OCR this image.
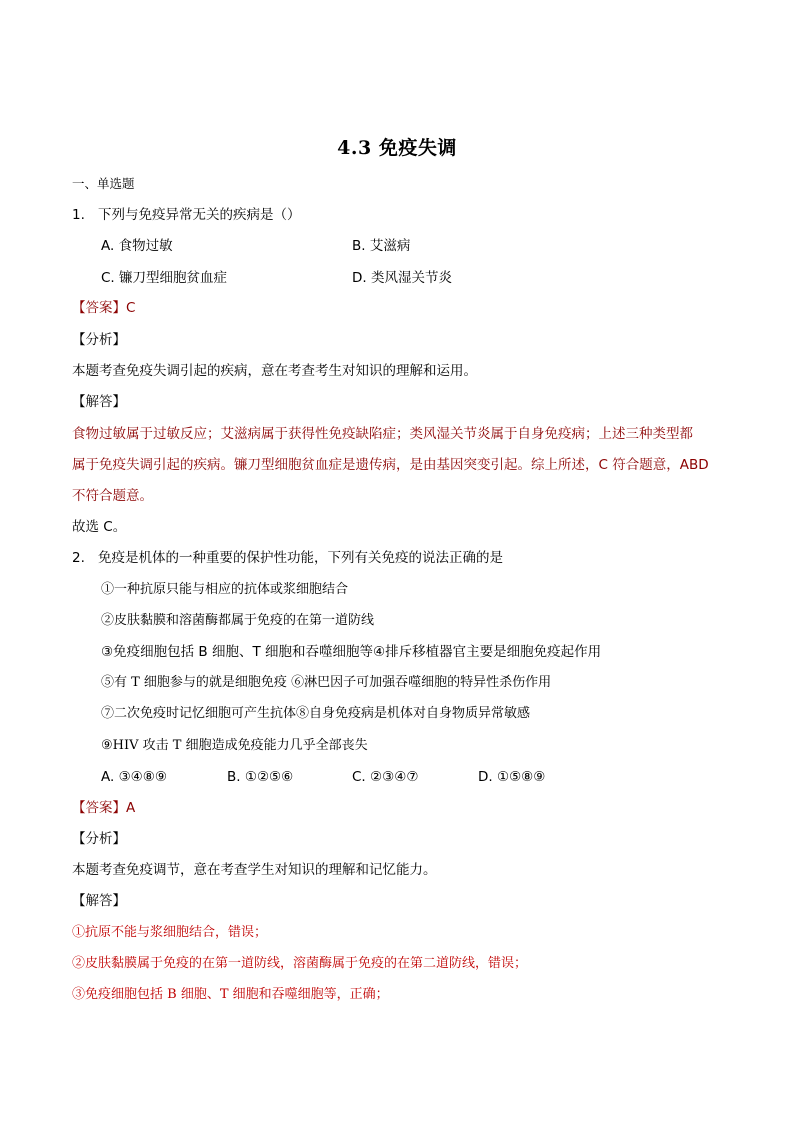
4.3 免疫失调
一、单选题
1. 下列与免疫异常无关的疾病是（）
A. 食物过敏	B. 艾滋病
C. 镰刀型细胞贫血症	D. 类风湿关节炎
【答案】C
【分析】
本题考查免疫失调引起的疾病，意在考查考生对知识的理解和运用。
【解答】
食物过敏属于过敏反应；艾滋病属于获得性免疫缺陷症；类风湿关节炎属于自身免疫病；上述三种类型都
属于免疫失调引起的疾病。镰刀型细胞贫血症是遗传病，是由基因突变引起。综上所述，C 符合题意，ABD
不符合题意。
故选 C。
2. 免疫是机体的一种重要的保护性功能，下列有关免疫的说法正确的是
①一种抗原只能与相应的抗体或浆细胞结合
②皮肤黏膜和溶菌酶都属于免疫的在第一道防线
③免疫细胞包括 B 细胞、T 细胞和吞噬细胞等④排斥移植器官主要是细胞免疫起作用
⑤有 T 细胞参与的就是细胞免疫 ⑥淋巴因子可加强吞噬细胞的特异性杀伤作用
⑦二次免疫时记忆细胞可产生抗体⑧自身免疫病是机体对自身物质异常敏感
⑨HIV 攻击 T 细胞造成免疫能力几乎全部丧失
A. ③④⑧⑨	B. ①②⑤⑥	C. ②③④⑦	D. ①⑤⑧⑨
【答案】A
【分析】
本题考查免疫调节，意在考查学生对知识的理解和记忆能力。
【解答】
①抗原不能与浆细胞结合，错误；
②皮肤黏膜属于免疫的在第一道防线，溶菌酶属于免疫的在第二道防线，错误；
③免疫细胞包括 B 细胞、T 细胞和吞噬细胞等，正确；
